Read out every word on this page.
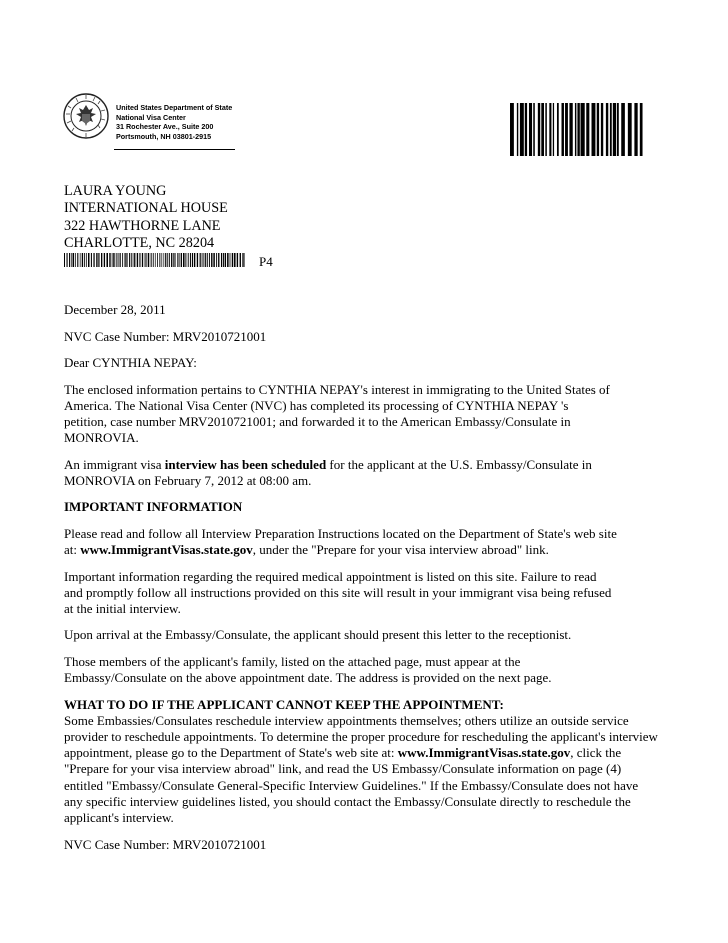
United States Department of State
National Visa Center
31 Rochester Ave., Suite 200
Portsmouth, NH 03801-2915
LAURA YOUNG
INTERNATIONAL HOUSE
322 HAWTHORNE LANE
CHARLOTTE, NC 28204
P4

December 28, 2011

NVC Case Number: MRV2010721001

Dear CYNTHIA NEPAY:

The enclosed information pertains to CYNTHIA NEPAY's interest in immigrating to the United States of
America. The National Visa Center (NVC) has completed its processing of CYNTHIA NEPAY 's
petition, case number MRV2010721001; and forwarded it to the American Embassy/Consulate in
MONROVIA.

An immigrant visa interview has been scheduled for the applicant at the U.S. Embassy/Consulate in
MONROVIA on February 7, 2012 at 08:00 am.

IMPORTANT INFORMATION

Please read and follow all Interview Preparation Instructions located on the Department of State's web site
at: www.ImmigrantVisas.state.gov, under the "Prepare for your visa interview abroad" link.

Important information regarding the required medical appointment is listed on this site. Failure to read
and promptly follow all instructions provided on this site will result in your immigrant visa being refused
at the initial interview.

Upon arrival at the Embassy/Consulate, the applicant should present this letter to the receptionist.

Those members of the applicant's family, listed on the attached page, must appear at the
Embassy/Consulate on the above appointment date. The address is provided on the next page.

WHAT TO DO IF THE APPLICANT CANNOT KEEP THE APPOINTMENT:

Some Embassies/Consulates reschedule interview appointments themselves; others utilize an outside service
provider to reschedule appointments. To determine the proper procedure for rescheduling the applicant's interview
appointment, please go to the Department of State's web site at: www.ImmigrantVisas.state.gov, click the
"Prepare for your visa interview abroad" link, and read the US Embassy/Consulate information on page (4)
entitled "Embassy/Consulate General-Specific Interview Guidelines." If the Embassy/Consulate does not have
any specific interview guidelines listed, you should contact the Embassy/Consulate directly to reschedule the
applicant's interview.

NVC Case Number: MRV2010721001
